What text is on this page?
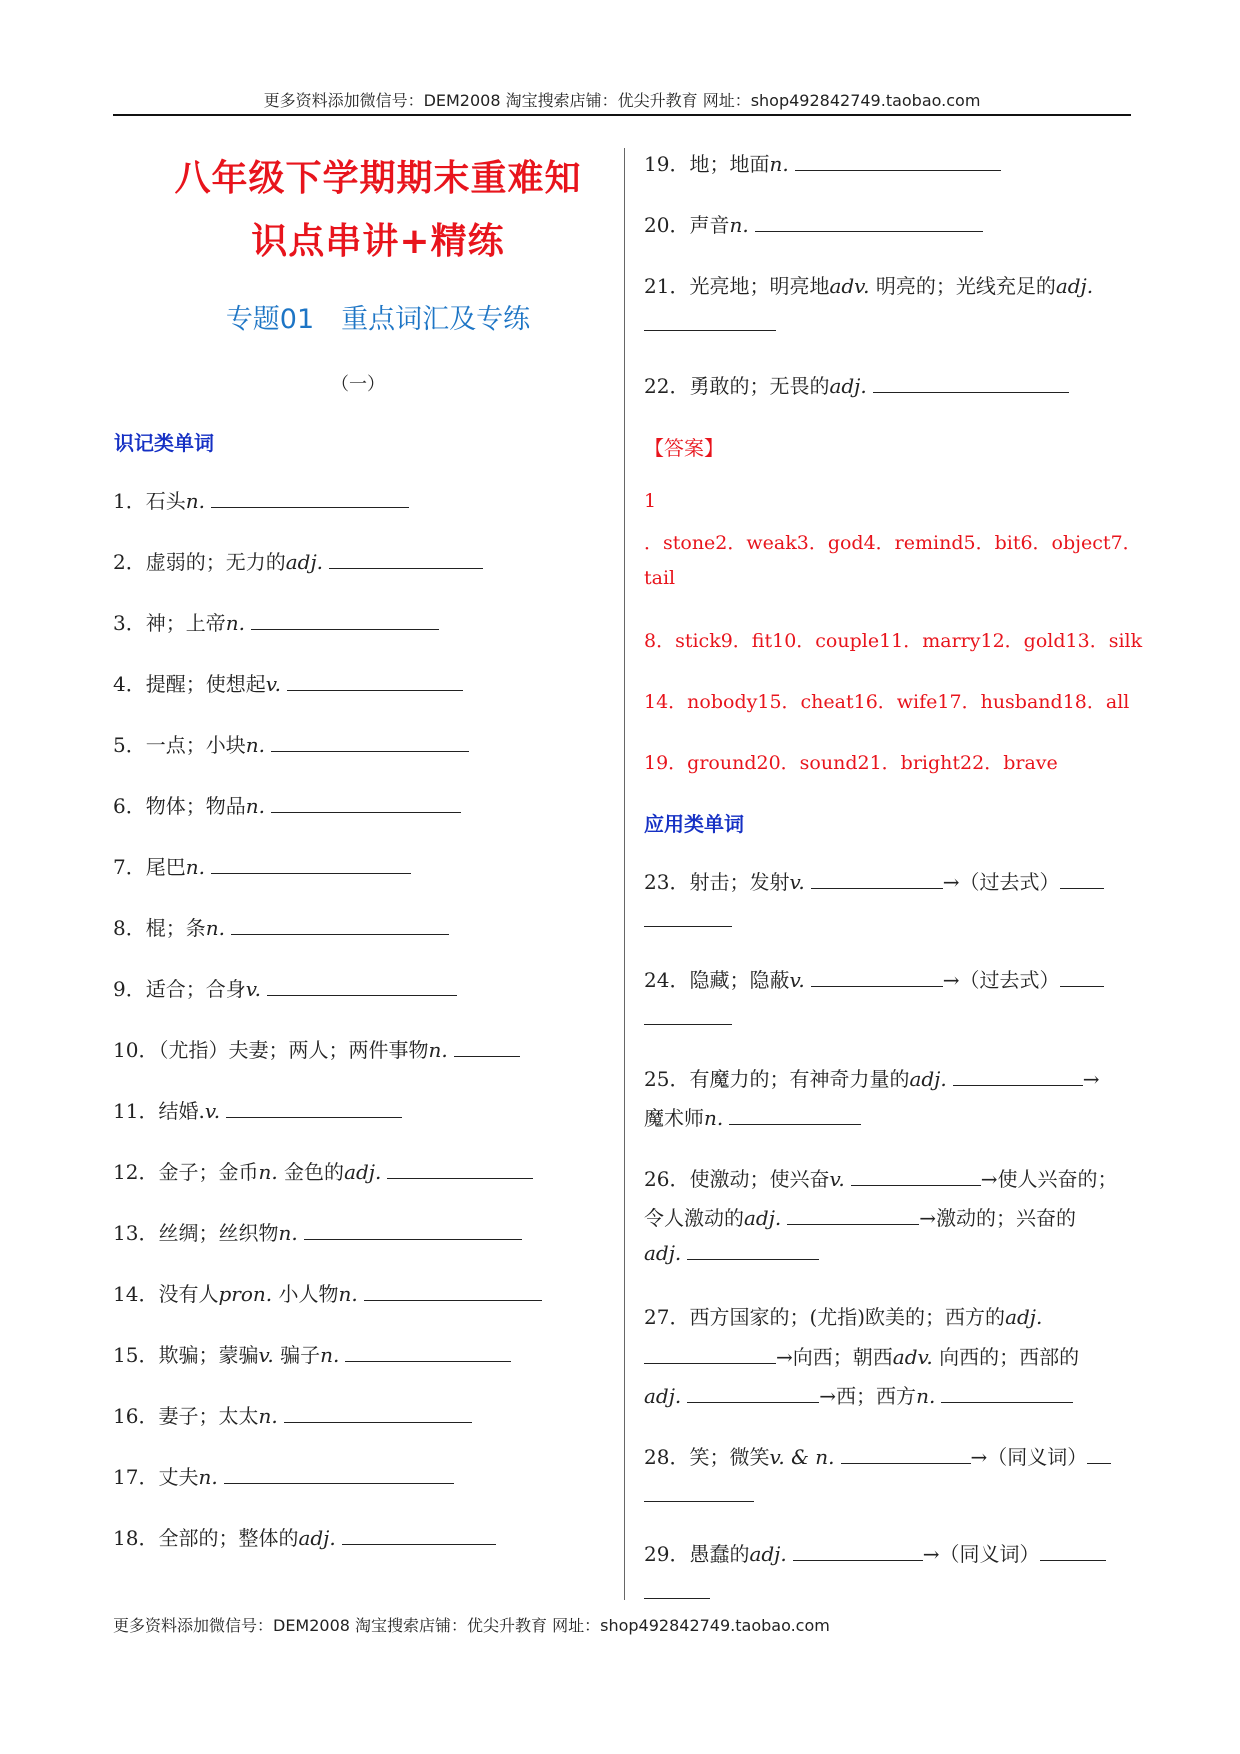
更多资料添加微信号：DEM2008 淘宝搜索店铺：优尖升教育 网址：shop492842749.taobao.com
八年级下学期期末重难知
识点串讲+精练
专题01　重点词汇及专练
（一）
识记类单词
1．石头n.
2．虚弱的；无力的adj.
3．神；上帝n.
4．提醒；使想起v.
5．一点；小块n.
6．物体；物品n.
7．尾巴n.
8．棍；条n.
9．适合；合身v.
10．（尤指）夫妻；两人；两件事物n.
11．结婚.v.
12．金子；金币n. 金色的adj.
13．丝绸；丝织物n.
14．没有人pron. 小人物n.
15．欺骗；蒙骗v. 骗子n.
16．妻子；太太n.
17．丈夫n.
18．全部的；整体的adj.
19．地；地面n.
20．声音n.
21．光亮地；明亮地adv. 明亮的；光线充足的adj.
22．勇敢的；无畏的adj.
【答案】
1
．stone2．weak3．god4．remind5．bit6．object7．
tail
8．stick9．fit10．couple11．marry12．gold13．silk
14．nobody15．cheat16．wife17．husband18．all
19．ground20．sound21．bright22．brave
应用类单词
23．射击；发射v.	→（过去式）
24．隐藏；隐蔽v.	→（过去式）
25．有魔力的；有神奇力量的adj.	→
魔术师n.
26．使激动；使兴奋v.	→使人兴奋的；
令人激动的adj.	→激动的；兴奋的
adj.
27．西方国家的；(尤指)欧美的；西方的adj.
→向西；朝西adv. 向西的；西部的
adj.	→西；西方n.
28．笑；微笑v. & n.	→（同义词）
29．愚蠢的adj.	→（同义词）
更多资料添加微信号：DEM2008 淘宝搜索店铺：优尖升教育 网址：shop492842749.taobao.com
